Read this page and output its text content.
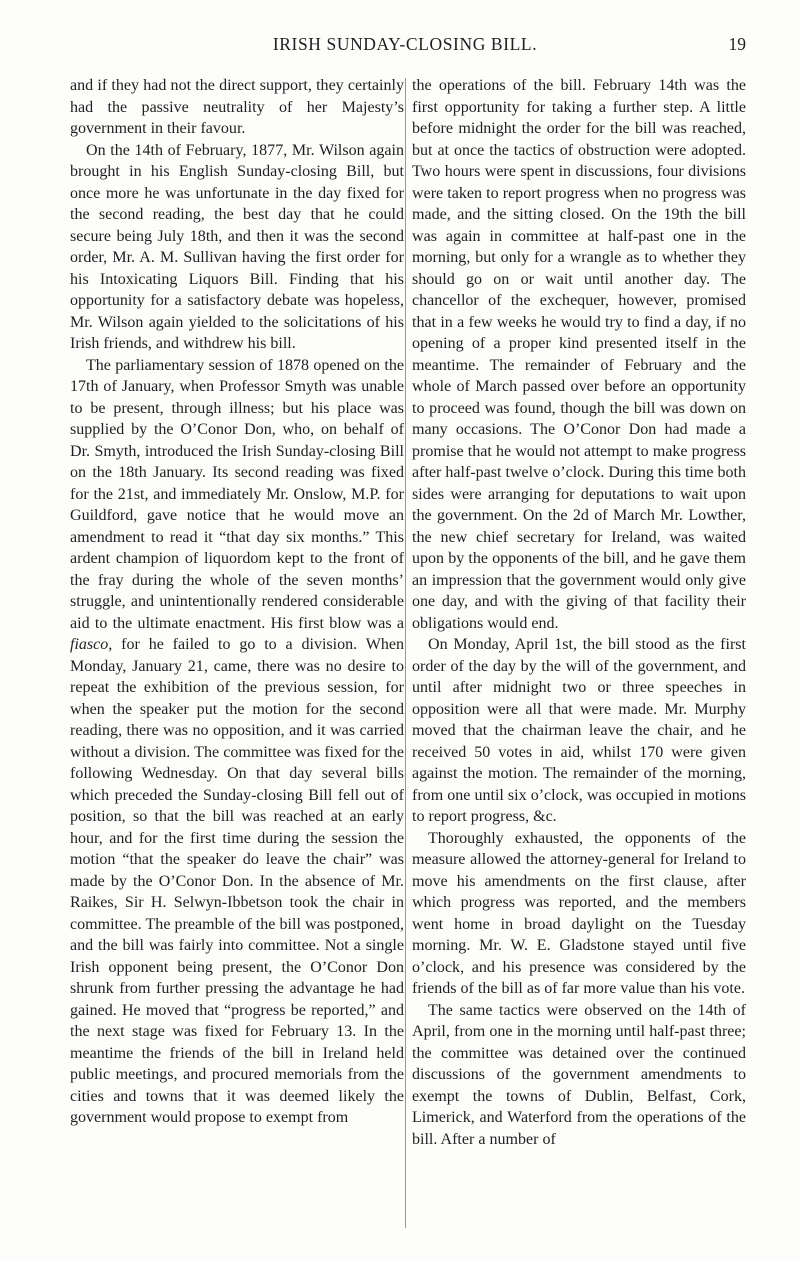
IRISH SUNDAY-CLOSING BILL.	19

and if they had not the direct support, they certainly had the passive neutrality of her Majesty’s government in their favour.

On the 14th of February, 1877, Mr. Wilson again brought in his English Sunday-closing Bill, but once more he was unfortunate in the day fixed for the second reading, the best day that he could secure being July 18th, and then it was the second order, Mr. A. M. Sullivan having the first order for his Intoxicating Liquors Bill. Finding that his opportunity for a satisfactory debate was hopeless, Mr. Wilson again yielded to the solicitations of his Irish friends, and withdrew his bill.

The parliamentary session of 1878 opened on the 17th of January, when Professor Smyth was unable to be present, through illness; but his place was supplied by the O’Conor Don, who, on behalf of Dr. Smyth, introduced the Irish Sunday-closing Bill on the 18th January. Its second reading was fixed for the 21st, and immediately Mr. Onslow, M.P. for Guildford, gave notice that he would move an amendment to read it “that day six months.” This ardent champion of liquordom kept to the front of the fray during the whole of the seven months’ struggle, and unintentionally rendered considerable aid to the ultimate enactment. His first blow was a fiasco, for he failed to go to a division. When Monday, January 21, came, there was no desire to repeat the exhibition of the previous session, for when the speaker put the motion for the second reading, there was no opposition, and it was carried without a division. The committee was fixed for the following Wednesday. On that day several bills which preceded the Sunday-closing Bill fell out of position, so that the bill was reached at an early hour, and for the first time during the session the motion “that the speaker do leave the chair” was made by the O’Conor Don. In the absence of Mr. Raikes, Sir H. Selwyn-Ibbetson took the chair in committee. The preamble of the bill was postponed, and the bill was fairly into committee. Not a single Irish opponent being present, the O’Conor Don shrunk from further pressing the advantage he had gained. He moved that “progress be reported,” and the next stage was fixed for February 13. In the meantime the friends of the bill in Ireland held public meetings, and procured memorials from the cities and towns that it was deemed likely the government would propose to exempt from

the operations of the bill. February 14th was the first opportunity for taking a further step. A little before midnight the order for the bill was reached, but at once the tactics of obstruction were adopted. Two hours were spent in discussions, four divisions were taken to report progress when no progress was made, and the sitting closed. On the 19th the bill was again in committee at half-past one in the morning, but only for a wrangle as to whether they should go on or wait until another day. The chancellor of the exchequer, however, promised that in a few weeks he would try to find a day, if no opening of a proper kind presented itself in the meantime. The remainder of February and the whole of March passed over before an opportunity to proceed was found, though the bill was down on many occasions. The O’Conor Don had made a promise that he would not attempt to make progress after half-past twelve o’clock. During this time both sides were arranging for deputations to wait upon the government. On the 2d of March Mr. Lowther, the new chief secretary for Ireland, was waited upon by the opponents of the bill, and he gave them an impression that the government would only give one day, and with the giving of that facility their obligations would end.

On Monday, April 1st, the bill stood as the first order of the day by the will of the government, and until after midnight two or three speeches in opposition were all that were made. Mr. Murphy moved that the chairman leave the chair, and he received 50 votes in aid, whilst 170 were given against the motion. The remainder of the morning, from one until six o’clock, was occupied in motions to report progress, &c.

Thoroughly exhausted, the opponents of the measure allowed the attorney-general for Ireland to move his amendments on the first clause, after which progress was reported, and the members went home in broad daylight on the Tuesday morning. Mr. W. E. Gladstone stayed until five o’clock, and his presence was considered by the friends of the bill as of far more value than his vote.

The same tactics were observed on the 14th of April, from one in the morning until half-past three; the committee was detained over the continued discussions of the government amendments to exempt the towns of Dublin, Belfast, Cork, Limerick, and Waterford from the operations of the bill. After a number of
